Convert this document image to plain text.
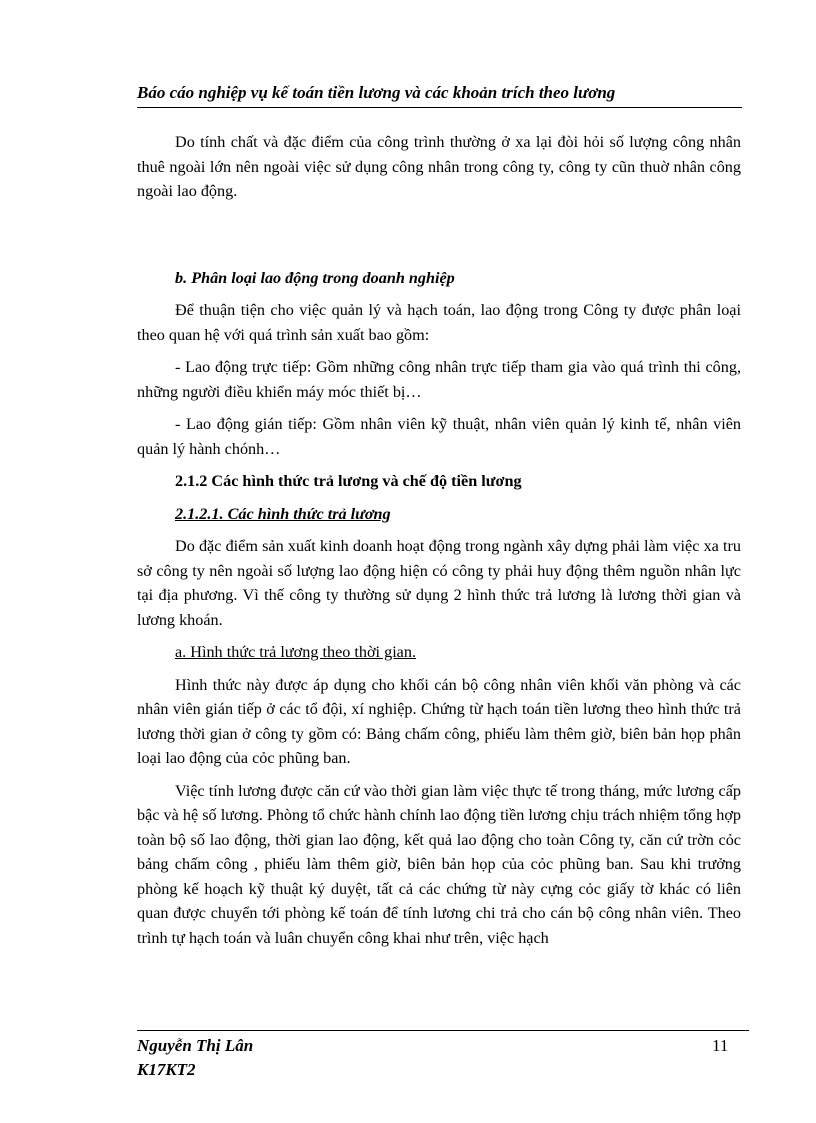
Báo cáo nghiệp vụ kế toán tiền lương và các khoản trích theo lương

Do tính chất và đặc điểm của công trình thường ở xa lại đòi hỏi số lượng công nhân thuê ngoài lớn nên ngoài việc sử dụng công nhân trong công ty, công ty cũn thuờ nhân công ngoài lao động.

b. Phân loại lao động trong doanh nghiệp

Để thuận tiện cho việc quản lý và hạch toán, lao động trong Công ty được phân loại theo quan hệ với quá trình sản xuất bao gồm:

- Lao động trực tiếp: Gồm những công nhân trực tiếp tham gia vào quá trình thi công, những người điều khiển máy móc thiết bị…

- Lao động gián tiếp: Gồm nhân viên kỹ thuật, nhân viên quản lý kinh tế, nhân viên quản lý hành chónh…

2.1.2 Các hình thức trả lương và chế độ tiền lương
2.1.2.1. Các hình thức trả lương

Do đặc điểm sản xuất kinh doanh hoạt động trong ngành xây dựng phải làm việc xa tru sở công ty nên ngoài số lượng lao động hiện có công ty phải huy động thêm nguồn nhân lực tại địa phương. Vì thế công ty thường sử dụng 2 hình thức trả lương là lương thời gian và lương khoán.

a. Hình thức trả lương theo thời gian.

Hình thức này được áp dụng cho khối cán bộ công nhân viên khối văn phòng và các nhân viên gián tiếp ở các tổ đội, xí nghiệp. Chứng từ hạch toán tiền lương theo hình thức trả lương thời gian ở công ty gồm có: Bảng chấm công, phiếu làm thêm giờ, biên bản họp phân loại lao động của cỏc phũng ban.

Việc tính lương được căn cứ vào thời gian làm việc thực tế trong tháng, mức lương cấp bậc và hệ số lương. Phòng tổ chức hành chính lao động tiền lương chịu trách nhiệm tổng hợp toàn bộ số lao động, thời gian lao động, kết quả lao động cho toàn Công ty, căn cứ trờn cỏc bảng chấm công , phiếu làm thêm giờ, biên bản họp của cỏc phũng ban. Sau khi trưởng phòng kế hoạch kỹ thuật ký duyệt, tất cả các chứng từ này cựng cỏc giấy tờ khác có liên quan được chuyển tới phòng kế toán để tính lương chi trả cho cán bộ công nhân viên. Theo trình tự hạch toán và luân chuyển công khai như trên, việc hạch

Nguyễn Thị Lân
K17KT2
11
